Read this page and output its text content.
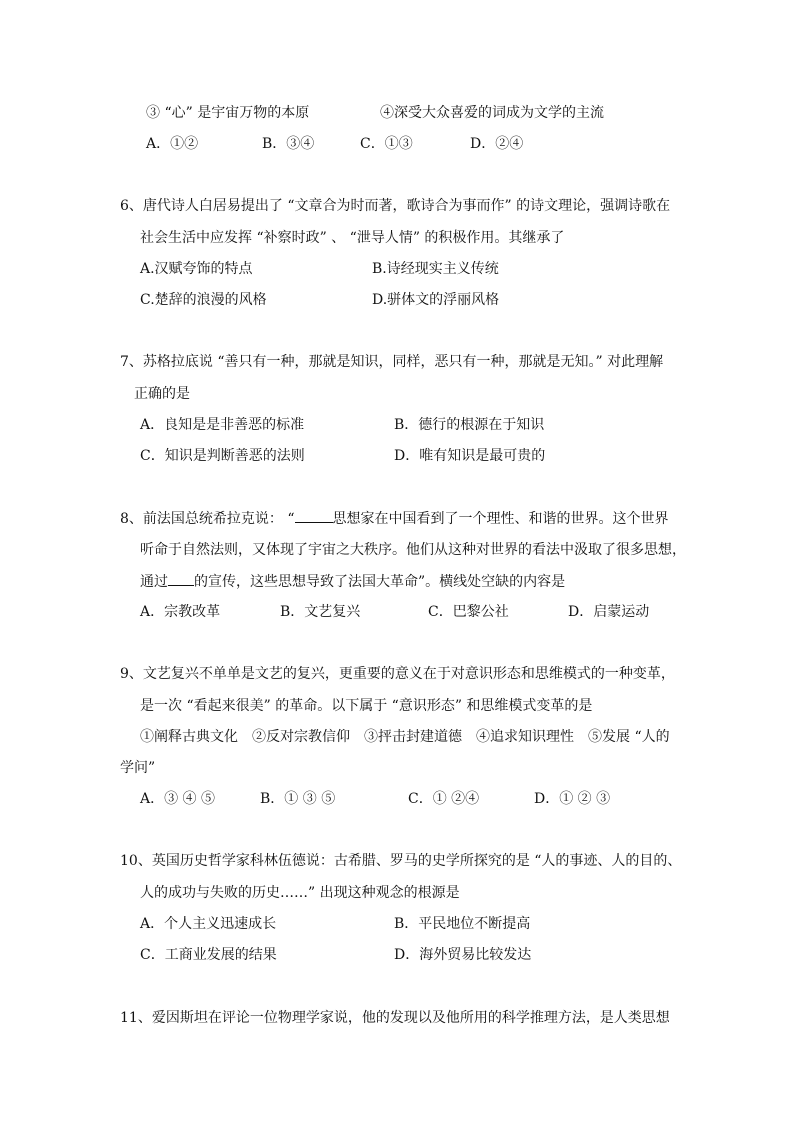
③ “心” 是宇宙万物的本原	④深受大众喜爱的词成为文学的主流
A．①②	B．③④	C．①③	D．②④
6、唐代诗人白居易提出了 “文章合为时而著，歌诗合为事而作” 的诗文理论，强调诗歌在
社会生活中应发挥 “补察时政” 、 “泄导人情” 的积极作用。其继承了
A.汉赋夸饰的特点	B.诗经现实主义传统
C.楚辞的浪漫的风格	D.骈体文的浮丽风格
7、苏格拉底说 “善只有一种，那就是知识，同样，恶只有一种，那就是无知。” 对此理解
正确的是
A．良知是是非善恶的标准	B．德行的根源在于知识
C．知识是判断善恶的法则	D．唯有知识是最可贵的
8、前法国总统希拉克说： “	思想家在中国看到了一个理性、和谐的世界。这个世界
听命于自然法则，又体现了宇宙之大秩序。他们从这种对世界的看法中汲取了很多思想，
通过 的宣传，这些思想导致了法国大革命”。横线处空缺的内容是
A．宗教改革	B．文艺复兴	C．巴黎公社	D．启蒙运动
9、文艺复兴不单单是文艺的复兴，更重要的意义在于对意识形态和思维模式的一种变革，
是一次 “看起来很美” 的革命。以下属于 “意识形态” 和思维模式变革的是
①阐释古典文化　②反对宗教信仰　③抨击封建道德　④追求知识理性　⑤发展 “人的
学问”
A．③ ④ ⑤	B．① ③ ⑤	C．① ②④	D．① ② ③
10、英国历史哲学家科林伍德说：古希腊、罗马的史学所探究的是 “人的事迹、人的目的、
人的成功与失败的历史……” 出现这种观念的根源是
A．个人主义迅速成长	B．平民地位不断提高
C．工商业发展的结果	D．海外贸易比较发达
11、爱因斯坦在评论一位物理学家说，他的发现以及他所用的科学推理方法，是人类思想
